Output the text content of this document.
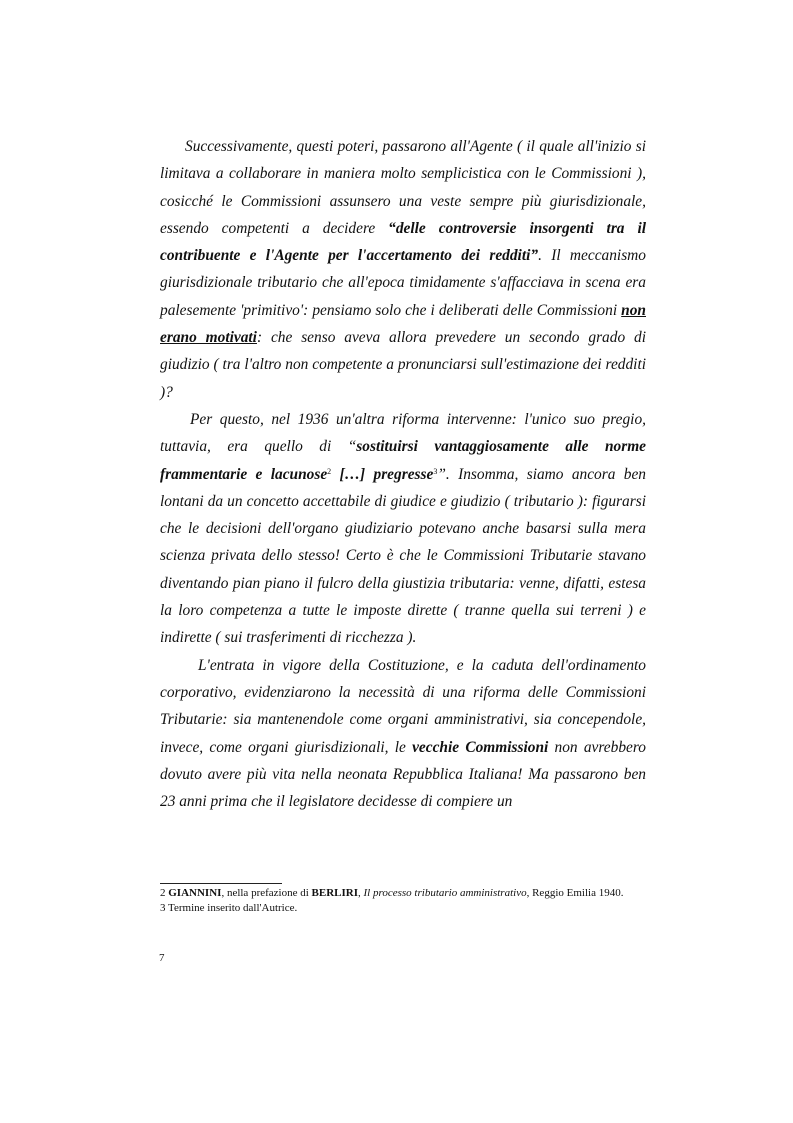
Successivamente, questi poteri, passarono all'Agente ( il quale all'inizio si limitava a collaborare in maniera molto semplicistica con le Commissioni ), cosicché le Commissioni assunsero una veste sempre più giurisdizionale, essendo competenti a decidere “delle controversie insorgenti tra il contribuente e l'Agente per l'accertamento dei redditi”. Il meccanismo giurisdizionale tributario che all'epoca timidamente s'affacciava in scena era palesemente 'primitivo': pensiamo solo che i deliberati delle Commissioni non erano motivati: che senso aveva allora prevedere un secondo grado di giudizio ( tra l'altro non competente a pronunciarsi sull'estimazione dei redditi )?

Per questo, nel 1936 un'altra riforma intervenne: l'unico suo pregio, tuttavia, era quello di “sostituirsi vantaggiosamente alle norme frammentarie e lacunose$^2$ […] pregresse$^3$”. Insomma, siamo ancora ben lontani da un concetto accettabile di giudice e giudizio ( tributario ): figurarsi che le decisioni dell'organo giudiziario potevano anche basarsi sulla mera scienza privata dello stesso! Certo è che le Commissioni Tributarie stavano diventando pian piano il fulcro della giustizia tributaria: venne, difatti, estesa la loro competenza a tutte le imposte dirette ( tranne quella sui terreni ) e indirette ( sui trasferimenti di ricchezza ).

L'entrata in vigore della Costituzione, e la caduta dell'ordinamento corporativo, evidenziarono la necessità di una riforma delle Commissioni Tributarie: sia mantenendole come organi amministrativi, sia concependole, invece, come organi giurisdizionali, le vecchie Commissioni non avrebbero dovuto avere più vita nella neonata Repubblica Italiana! Ma passarono ben 23 anni prima che il legislatore decidesse di compiere un

2 GIANNINI, nella prefazione di BERLIRI, Il processo tributario amministrativo, Reggio Emilia 1940.
3 Termine inserito dall'Autrice.
7
